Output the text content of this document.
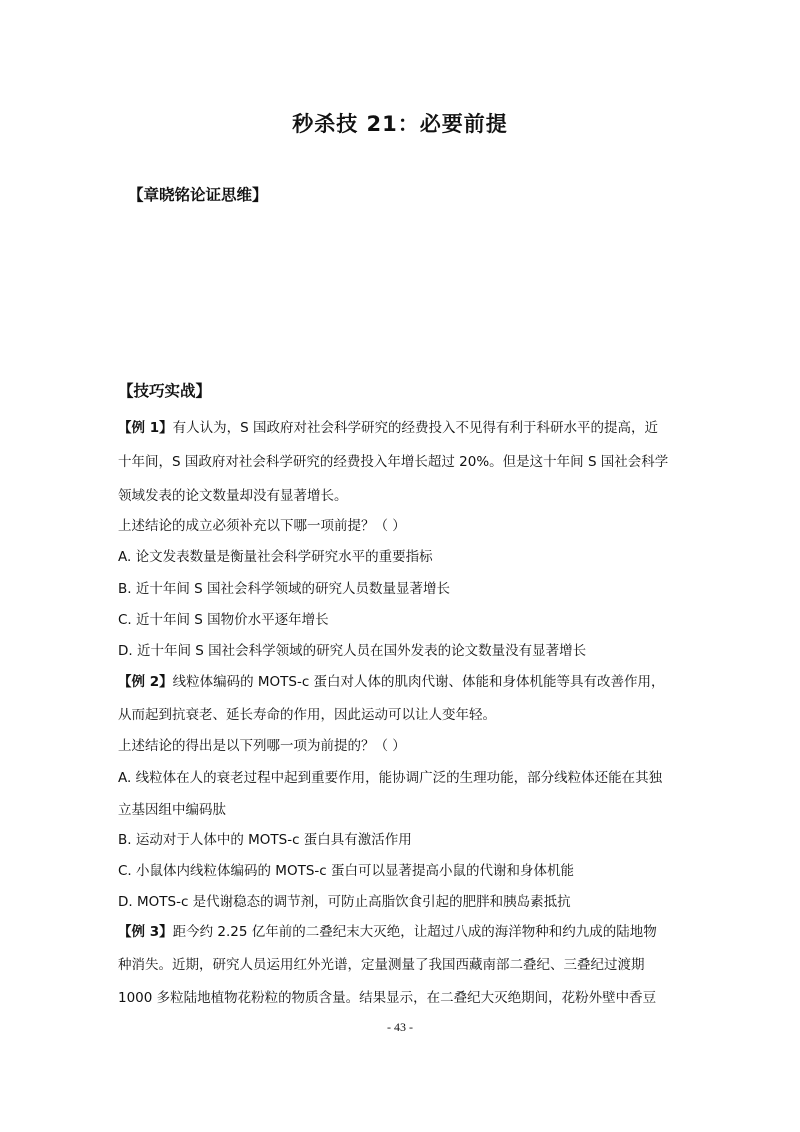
秒杀技 21：必要前提
【章晓铭论证思维】
【技巧实战】
【例 1】有人认为，S 国政府对社会科学研究的经费投入不见得有利于科研水平的提高，近
十年间，S 国政府对社会科学研究的经费投入年增长超过 20%。但是这十年间 S 国社会科学
领域发表的论文数量却没有显著增长。
上述结论的成立必须补充以下哪一项前提？（ ）
A. 论文发表数量是衡量社会科学研究水平的重要指标
B. 近十年间 S 国社会科学领域的研究人员数量显著增长
C. 近十年间 S 国物价水平逐年增长
D. 近十年间 S 国社会科学领域的研究人员在国外发表的论文数量没有显著增长
【例 2】线粒体编码的 MOTS-c 蛋白对人体的肌肉代谢、体能和身体机能等具有改善作用，
从而起到抗衰老、延长寿命的作用，因此运动可以让人变年轻。
上述结论的得出是以下列哪一项为前提的？（ ）
A. 线粒体在人的衰老过程中起到重要作用，能协调广泛的生理功能，部分线粒体还能在其独
立基因组中编码肽
B. 运动对于人体中的 MOTS-c 蛋白具有激活作用
C. 小鼠体内线粒体编码的 MOTS-c 蛋白可以显著提高小鼠的代谢和身体机能
D. MOTS-c 是代谢稳态的调节剂，可防止高脂饮食引起的肥胖和胰岛素抵抗
【例 3】距今约 2.25 亿年前的二叠纪末大灭绝，让超过八成的海洋物种和约九成的陆地物
种消失。近期，研究人员运用红外光谱，定量测量了我国西藏南部二叠纪、三叠纪过渡期
1000 多粒陆地植物花粉粒的物质含量。结果显示，在二叠纪大灭绝期间，花粉外壁中香豆
- 43 -
